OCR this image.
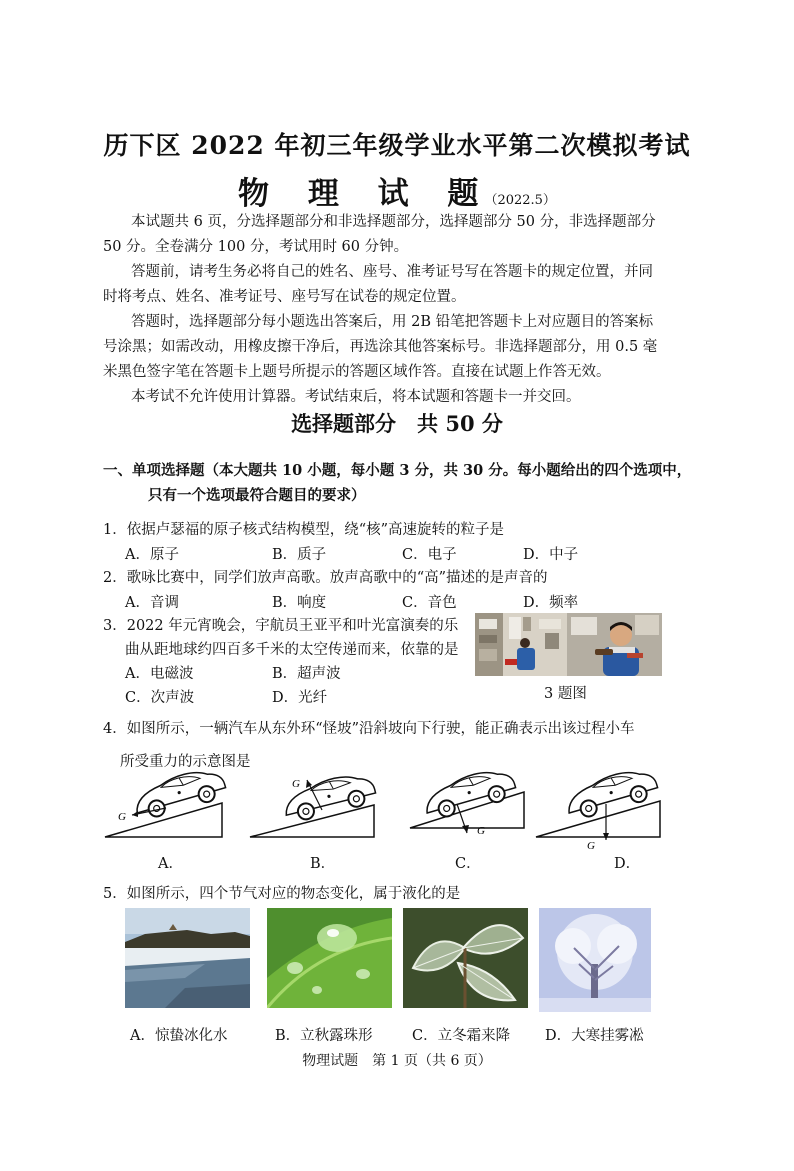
历下区 2022 年初三年级学业水平第二次模拟考试
物 理 试 题（2022.5）
本试题共 6 页，分选择题部分和非选择题部分，选择题部分 50 分，非选择题部分
50 分。全卷满分 100 分，考试用时 60 分钟。
答题前，请考生务必将自己的姓名、座号、准考证号写在答题卡的规定位置，并同
时将考点、姓名、准考证号、座号写在试卷的规定位置。
答题时，选择题部分每小题选出答案后，用 2B 铅笔把答题卡上对应题目的答案标
号涂黑；如需改动，用橡皮擦干净后，再选涂其他答案标号。非选择题部分，用 0.5 毫
米黑色签字笔在答题卡上题号所提示的答题区域作答。直接在试题上作答无效。
本考试不允许使用计算器。考试结束后，将本试题和答题卡一并交回。
选择题部分　共 50 分
一、单项选择题（本大题共 10 小题，每小题 3 分，共 30 分。每小题给出的四个选项中，
只有一个选项最符合题目的要求）
1．依据卢瑟福的原子核式结构模型，绕“核”高速旋转的粒子是
A．原子	B．质子	C．电子	D．中子
2．歌咏比赛中，同学们放声高歌。放声高歌中的“高”描述的是声音的
A．音调	B．响度	C．音色	D．频率
3．2022 年元宵晚会，宇航员王亚平和叶光富演奏的乐
曲从距地球约四百多千米的太空传递而来，依靠的是
A．电磁波	B．超声波
C．次声波	D．光纤	3 题图
4．如图所示，一辆汽车从东外环“怪坡”沿斜坡向下行驶，能正确表示出该过程小车
所受重力的示意图是
G
G
G
G
A．	B．	C．	D．
5．如图所示，四个节气对应的物态变化，属于液化的是
A．惊蛰冰化水	B．立秋露珠形	C．立冬霜来降 D．大寒挂雾凇
物理试题　第 1 页（共 6 页）
